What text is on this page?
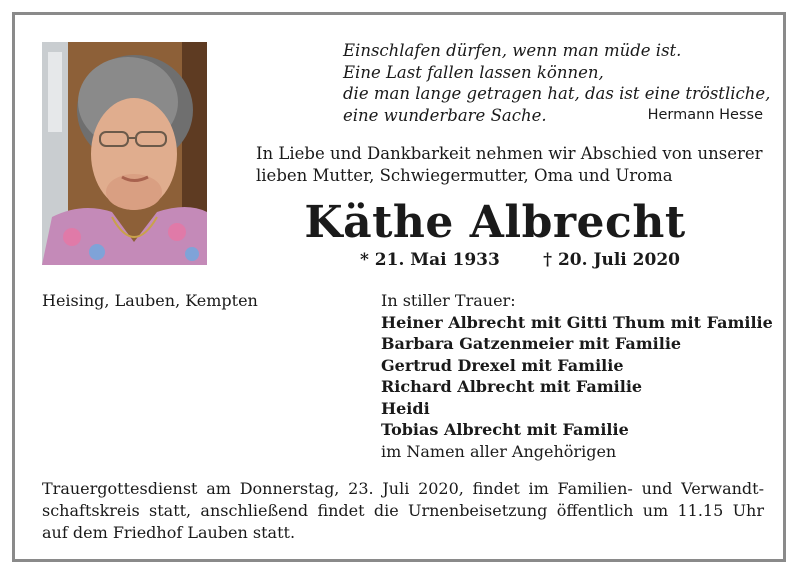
Einschlafen dürfen, wenn man müde ist.
Eine Last fallen lassen können,
die man lange getragen hat, das ist eine tröstliche,
eine wunderbare Sache.	Hermann Hesse
In Liebe und Dankbarkeit nehmen wir Abschied von unserer
lieben Mutter, Schwiegermutter, Oma und Uroma
Käthe Albrecht
* 21. Mai 1933	† 20. Juli 2020
Heising, Lauben, Kempten	In stiller Trauer:
Heiner Albrecht mit Gitti Thum mit Familie
Barbara Gatzenmeier mit Familie
Gertrud Drexel mit Familie
Richard Albrecht mit Familie
Heidi
Tobias Albrecht mit Familie
im Namen aller Angehörigen
Trauergottesdienst am Donnerstag, 23. Juli 2020, findet im Familien- und Verwandt-
schaftskreis statt, anschließend findet die Urnenbeisetzung öffentlich um 11.15 Uhr
auf dem Friedhof Lauben statt.
